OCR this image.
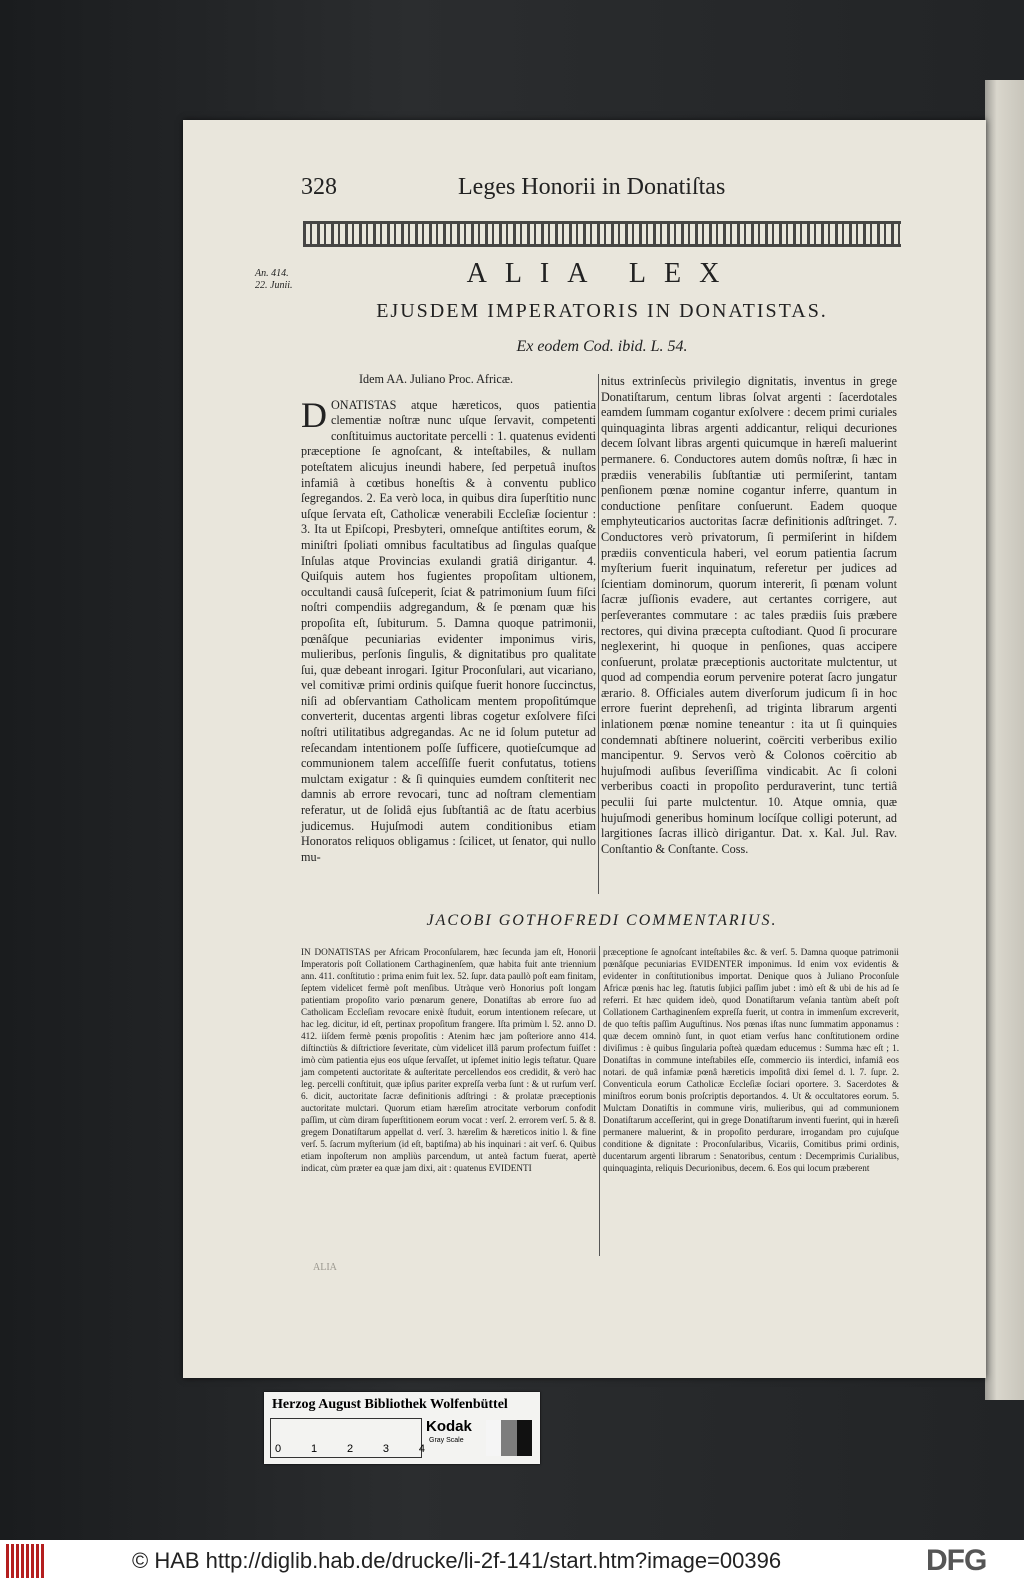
328	Leges Honorii in Donatiſtas
An. 414.
22. Junii.	ALIA LEX
EJUSDEM IMPERATORIS IN DONATISTAS.
Ex eodem Cod. ibid. L. 54.
Idem AA. Juliano Proc. Africæ.
D ONATISTAS atque hæreticos, quos patientia clementiæ noſtræ nunc uſque ſervavit, competenti conſtituimus auctoritate percelli : 1. quatenus evidenti præceptione ſe agnoſcant, & inteſtabiles, & nullam poteſtatem alicujus ineundi habere, ſed perpetuâ inuſtos infamiâ à cœtibus honeſtis & à conventu publico ſegregandos. 2. Ea verò loca, in quibus dira ſuperſtitio nunc uſque ſervata eſt, Catholicæ venerabili Eccleſiæ ſocientur : 3. Ita ut Epiſcopi, Presbyteri, omneſque antiſtites eorum, & miniſtri ſpoliati omnibus facultatibus ad ſingulas quaſque Inſulas atque Provincias exulandi gratiâ dirigantur. 4. Quiſquis autem hos fugientes propoſitam ultionem, occultandi causâ ſuſceperit, ſciat & patrimonium ſuum fiſci noſtri compendiis adgregandum, & ſe pœnam quæ his propoſita eſt, ſubiturum. 5. Damna quoque patrimonii, pœnâſque pecuniarias evidenter imponimus viris, mulieribus, perſonis ſingulis, & dignitatibus pro qualitate ſui, quæ debeant inrogari. Igitur Proconſulari, aut vicariano, vel comitivæ primi ordinis quiſque fuerit honore ſuccinctus, niſi ad obſervantiam Catholicam mentem propoſitúmque converterit, ducentas argenti libras cogetur exſolvere fiſci noſtri utilitatibus adgregandas. Ac ne id ſolum putetur ad reſecandam intentionem poſſe ſufficere, quotieſcumque ad communionem talem acceſſiſſe fuerit confutatus, totiens mulctam exigatur : & ſi quinquies eumdem conſtiterit nec damnis ab errore revocari, tunc ad noſtram clementiam referatur, ut de ſolidâ ejus ſubſtantiâ ac de ſtatu acerbius judicemus. Hujuſmodi autem conditionibus etiam Honoratos reliquos obligamus : ſcilicet, ut ſenator, qui nullo mu-
nitus extrinſecùs privilegio dignitatis, inventus in grege Donatiſtarum, centum libras ſolvat argenti : ſacerdotales eamdem ſummam cogantur exſolvere : decem primi curiales quinquaginta libras argenti addicantur, reliqui decuriones decem ſolvant libras argenti quicumque in hæreſi maluerint permanere. 6. Conductores autem domûs noſtræ, ſi hæc in prædiis venerabilis ſubſtantiæ uti permiſerint, tantam penſionem pœnæ nomine cogantur inferre, quantum in conductione penſitare conſuerunt. Eadem quoque emphyteuticarios auctoritas ſacræ definitionis adſtringet. 7. Conductores verò privatorum, ſi permiſerint in hiſdem prædiis conventicula haberi, vel eorum patientia ſacrum myſterium fuerit inquinatum, referetur per judices ad ſcientiam dominorum, quorum intererit, ſi pœnam volunt ſacræ juſſionis evadere, aut certantes corrigere, aut perſeverantes commutare : ac tales prædiis ſuis præbere rectores, qui divina præcepta cuſtodiant. Quod ſi procurare neglexerint, hi quoque in penſiones, quas accipere conſuerunt, prolatæ præceptionis auctoritate mulctentur, ut quod ad compendia eorum pervenire poterat ſacro jungatur ærario. 8. Officiales autem diverſorum judicum ſi in hoc errore fuerint deprehenſi, ad triginta librarum argenti inlationem pœnæ nomine teneantur : ita ut ſi quinquies condemnati abſtinere noluerint, coërciti verberibus exilio mancipentur. 9. Servos verò & Colonos coërcitio ab hujuſmodi auſibus ſeveriſſima vindicabit. Ac ſi coloni verberibus coacti in propoſito perduraverint, tunc tertiâ peculii ſui parte mulctentur. 10. Atque omnia, quæ hujuſmodi generibus hominum locíſque colligi poterunt, ad largitiones ſacras illicò dirigantur. Dat. x. Kal. Jul. Rav. Conſtantio & Conſtante. Coss.
JACOBI GOTHOFREDI COMMENTARIUS.
IN DONATISTAS per Africam Proconſularem, hæc ſecunda jam eſt, Honorii Imperatoris poſt Collationem Carthaginenſem, quæ habita fuit ante triennium ann. 411. conſtitutio : prima enim fuit lex. 52. ſupr. data paullò poſt eam finitam, ſeptem videlicet fermè poſt menſibus. Utràque verò Honorius poſt longam patientiam propoſito vario pœnarum genere, Donatiſtas ab errore ſuo ad Catholicam Eccleſiam revocare enixè ſtuduit, eorum intentionem reſecare, ut hac leg. dicitur, id eſt, pertinax propoſitum frangere. Iſta primùm l. 52. anno D. 412. iiſdem fermè pœnis propoſitis : Atenim hæc jam poſteriore anno 414. diſtinctiùs & diſtrictiore ſeveritate, cùm videlicet illâ parum profectum fuiſſet : imò cùm patientia ejus eos uſque ſervaſſet, ut ipſemet initio legis teſtatur. Quare jam competenti auctoritate & auſteritate percellendos eos credidit, & verò hac leg. percelli conſtituit, quæ ipſius pariter expreſſa verba ſunt : & ut rurſum verſ. 6. dicit, auctoritate ſacræ definitionis adſtringi : & prolatæ præceptionis auctoritate mulctari. Quorum etiam hæreſim atrocitate verborum confodit paſſim, ut cùm diram ſuperſtitionem eorum vocat : verſ. 2. errorem verſ. 5. & 8. gregem Donatiſtarum appellat d. verſ. 3. hæreſim & hæreticos initio l. & fine verſ. 5. ſacrum myſterium (id eſt, baptiſma) ab his inquinari : ait verſ. 6. Quibus etiam inpoſterum non ampliùs parcendum, ut anteà factum fuerat, apertè indicat, cùm præter ea quæ jam dixi, ait : quatenus EVIDENTI
præceptione ſe agnoſcant inteſtabiles &c. & verſ. 5. Damna quoque patrimonii pœnâſque pecuniarias EVIDENTER imponimus. Id enim vox evidentis & evidenter in conſtitutionibus importat. Denique quos à Juliano Proconſule Africæ pœnis hac leg. ſtatutis ſubjici paſſim jubet : imò eſt & ubi de his ad ſe referri. Et hæc quidem ideò, quod Donatiſtarum veſania tantùm abeſt poſt Collationem Carthaginenſem expreſſa fuerit, ut contra in immenſum excreverit, de quo teſtis paſſim Auguſtinus. Nos pœnas iſtas nunc ſummatim apponamus : quæ decem omninò ſunt, in quot etiam verſus hanc conſtitutionem ordine diviſimus : è quibus ſingularia poſteà quædam educemus : Summa hæc eſt ; 1. Donatiſtas in commune inteſtabiles eſſe, commercio iis interdici, infamiâ eos notari. de quâ infamiæ pœnâ hæreticis impoſitâ dixi ſemel d. l. 7. ſupr. 2. Conventicula eorum Catholicæ Eccleſiæ ſociari oportere. 3. Sacerdotes & miniſtros eorum bonis proſcriptis deportandos. 4. Ut & occultatores eorum. 5. Mulctam Donatiſtis in commune viris, mulieribus, qui ad communionem Donatiſtarum acceſſerint, qui in grege Donatiſtarum inventi fuerint, qui in hæreſi permanere maluerint, & in propoſito perdurare, irrogandam pro cujuſque conditione & dignitate : Proconſularibus, Vicariis, Comitibus primi ordinis, ducentarum argenti librarum : Senatoribus, centum : Decemprimis Curialibus, quinquaginta, reliquis Decurionibus, decem. 6. Eos qui locum præberent
ALIA
Herzog August Bibliothek Wolfenbüttel
0	1	2	3	4
Kodak
Gray Scale
© HAB http://diglib.hab.de/drucke/li-2f-141/start.htm?image=00396	DFG
